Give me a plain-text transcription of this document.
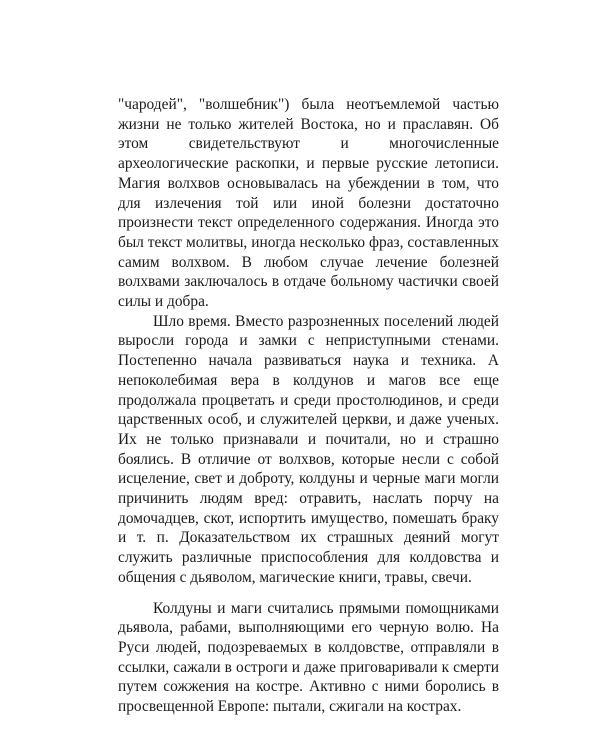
"чародей", "волшебник") была неотъемлемой частью жизни не только жителей Востока, но и праславян. Об этом свидетельствуют и многочисленные археологические раскопки, и первые русские летописи. Магия волхвов основывалась на убеждении в том, что для излечения той или иной болезни достаточно произнести текст определенного содержания. Иногда это был текст молитвы, иногда несколько фраз, составленных самим волхвом. В любом случае лечение болезней волхвами заключалось в отдаче больному частички своей силы и добра.

Шло время. Вместо разрозненных поселений людей выросли города и замки с неприступными стенами. Постепенно начала развиваться наука и техника. А непоколебимая вера в колдунов и магов все еще продолжала процветать и среди простолюдинов, и среди царственных особ, и служителей церкви, и даже ученых. Их не только признавали и почитали, но и страшно боялись. В отличие от волхвов, которые несли с собой исцеление, свет и доброту, колдуны и черные маги могли причинить людям вред: отравить, наслать порчу на домочадцев, скот, испортить имущество, помешать браку и т. п. Доказательством их страшных деяний могут служить различные приспособления для колдовства и общения с дьяволом, магические книги, травы, свечи.

Колдуны и маги считались прямыми помощниками дьявола, рабами, выполняющими его черную волю. На Руси людей, подозреваемых в колдовстве, отправляли в ссылки, сажали в остроги и даже приговаривали к смерти путем сожжения на костре. Активно с ними боролись в просвещенной Европе: пытали, сжигали на кострах.
